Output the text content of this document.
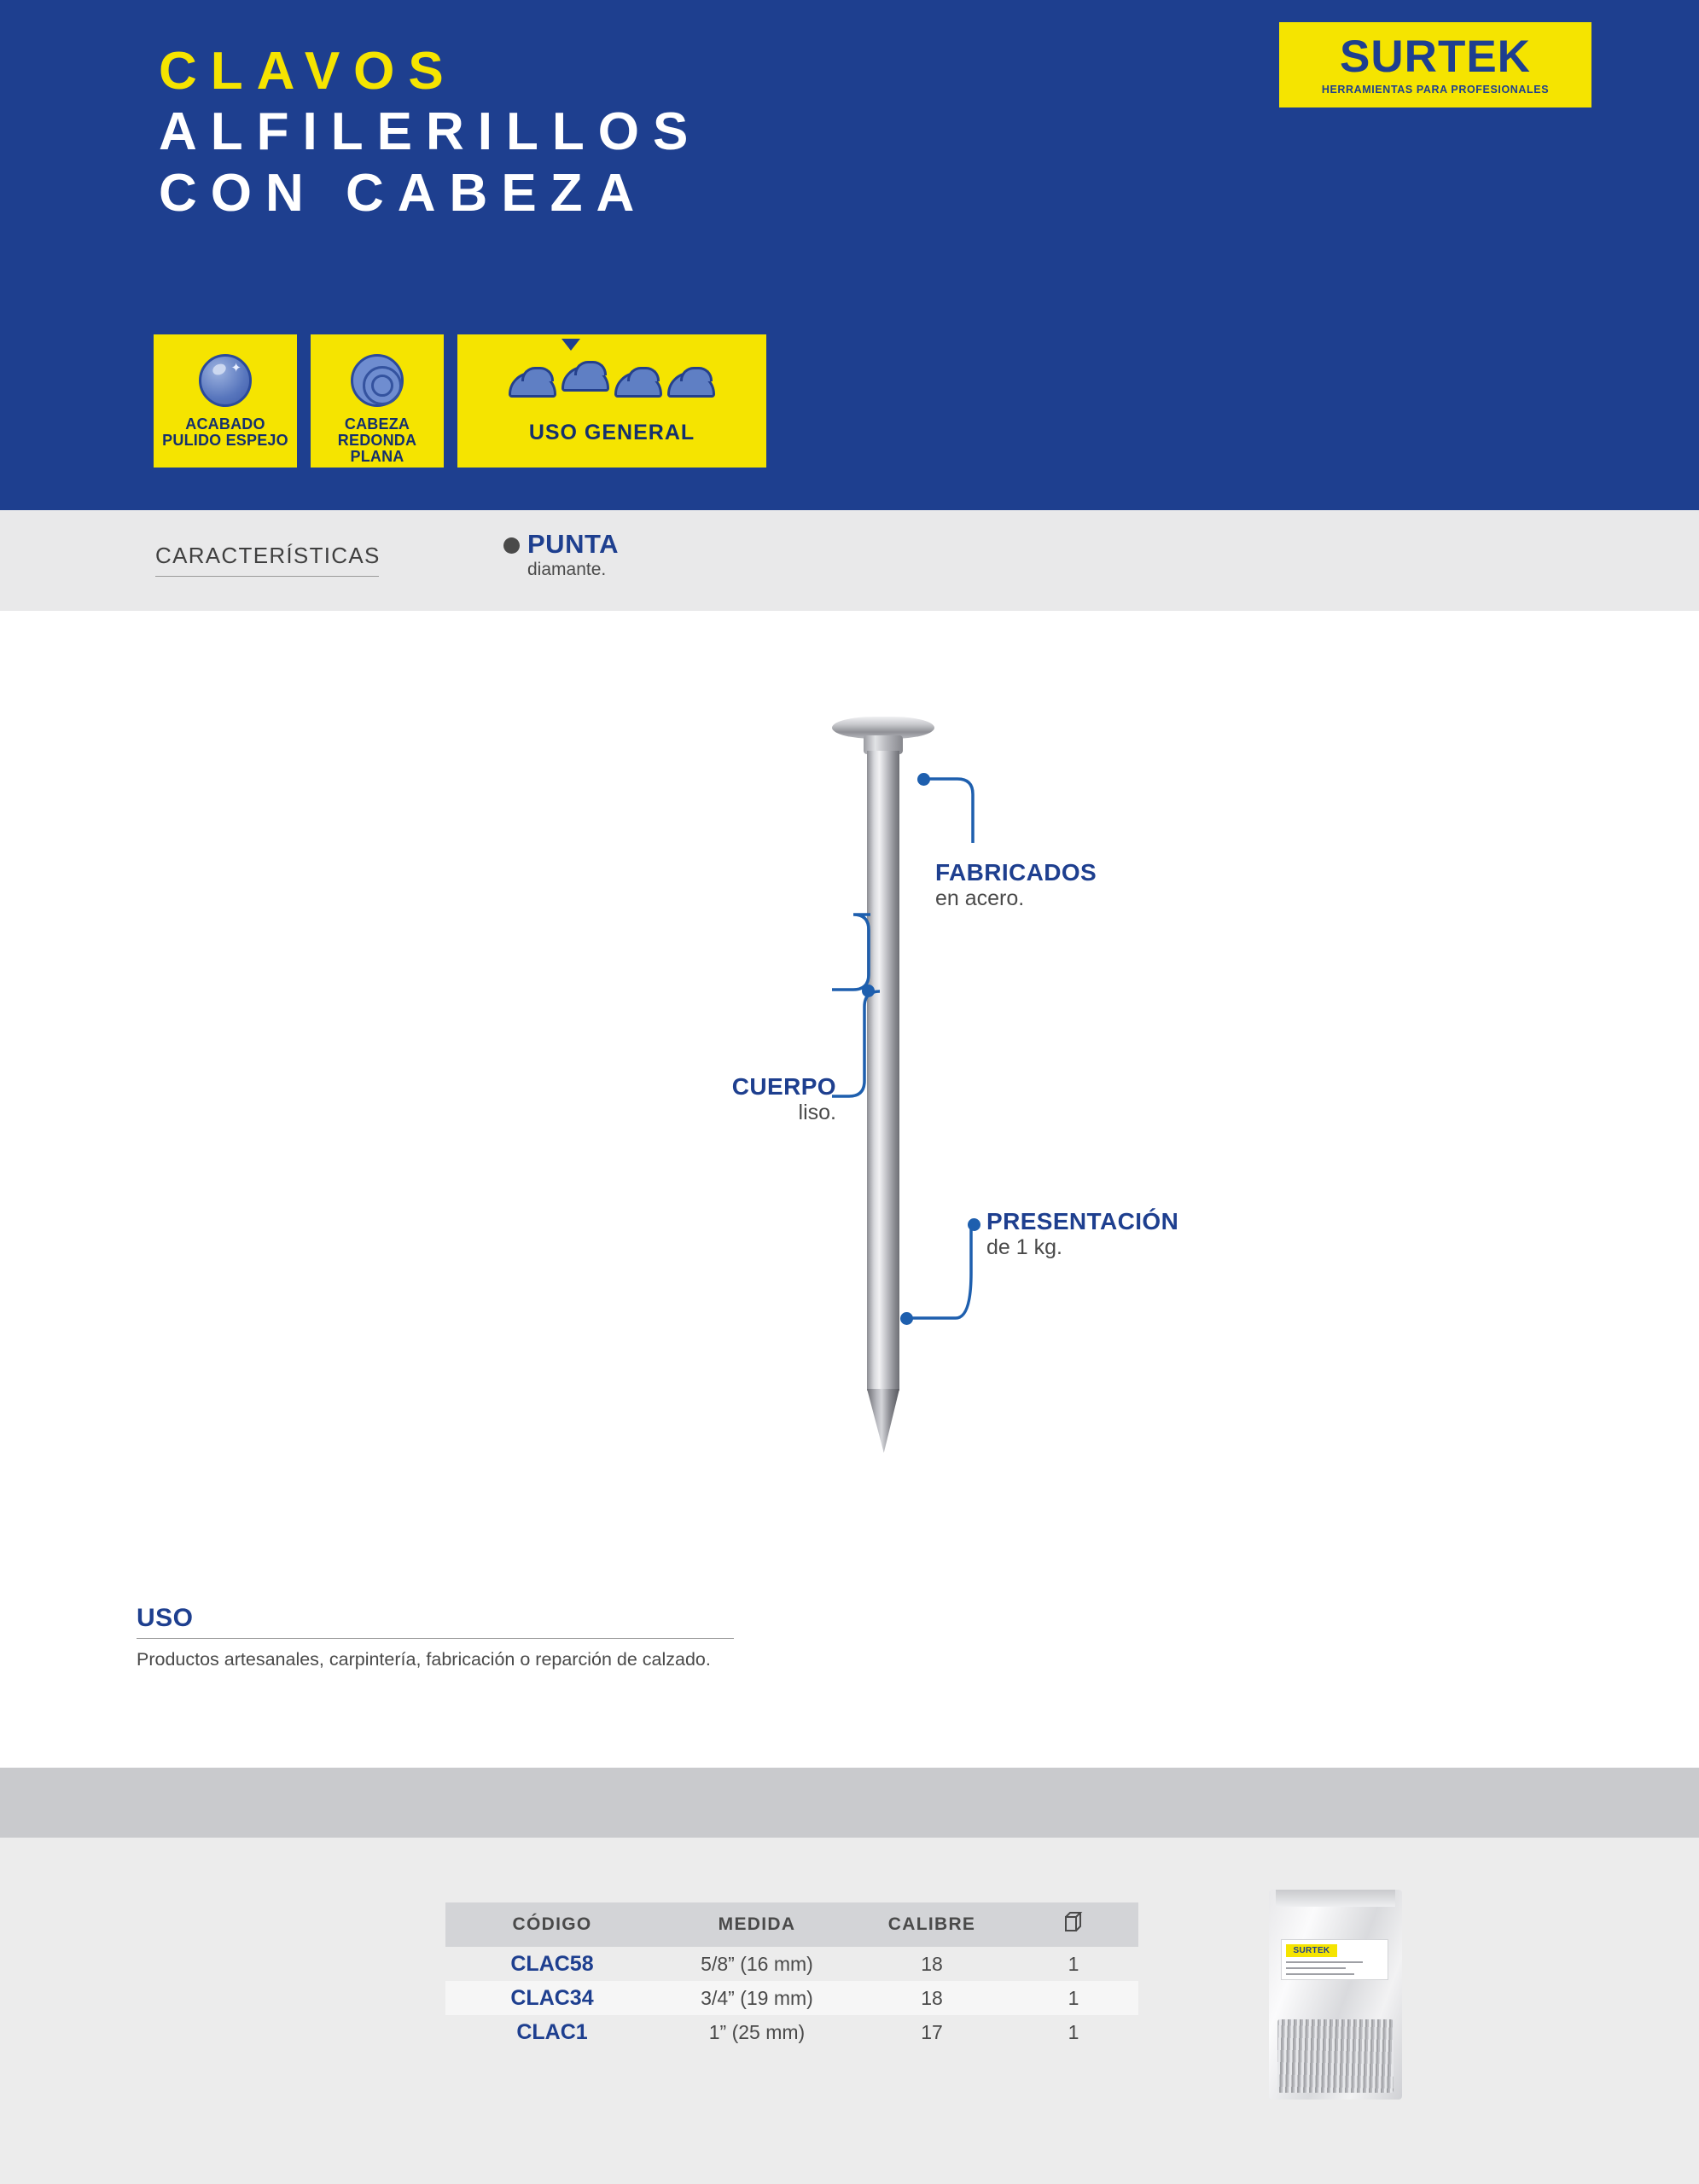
SURTEK
HERRAMIENTAS PARA PROFESIONALES
CLAVOS
ALFILERILLOS
CON CABEZA
✦
ACABADO
PULIDO ESPEJO
CABEZA
REDONDA
PLANA
USO GENERAL
CARACTERÍSTICAS	PUNTA
diamante.
FABRICADOS
en acero.
CUERPO
liso.
PRESENTACIÓN
de 1 kg.
USO
Productos artesanales, carpintería, fabricación o reparción de calzado.
CÓDIGO	MEDIDA	CALIBRE
CLAC58	5/8” (16 mm)	18	1
CLAC34	3/4” (19 mm)	18	1
CLAC1	1” (25 mm)	17	1
SURTEK
